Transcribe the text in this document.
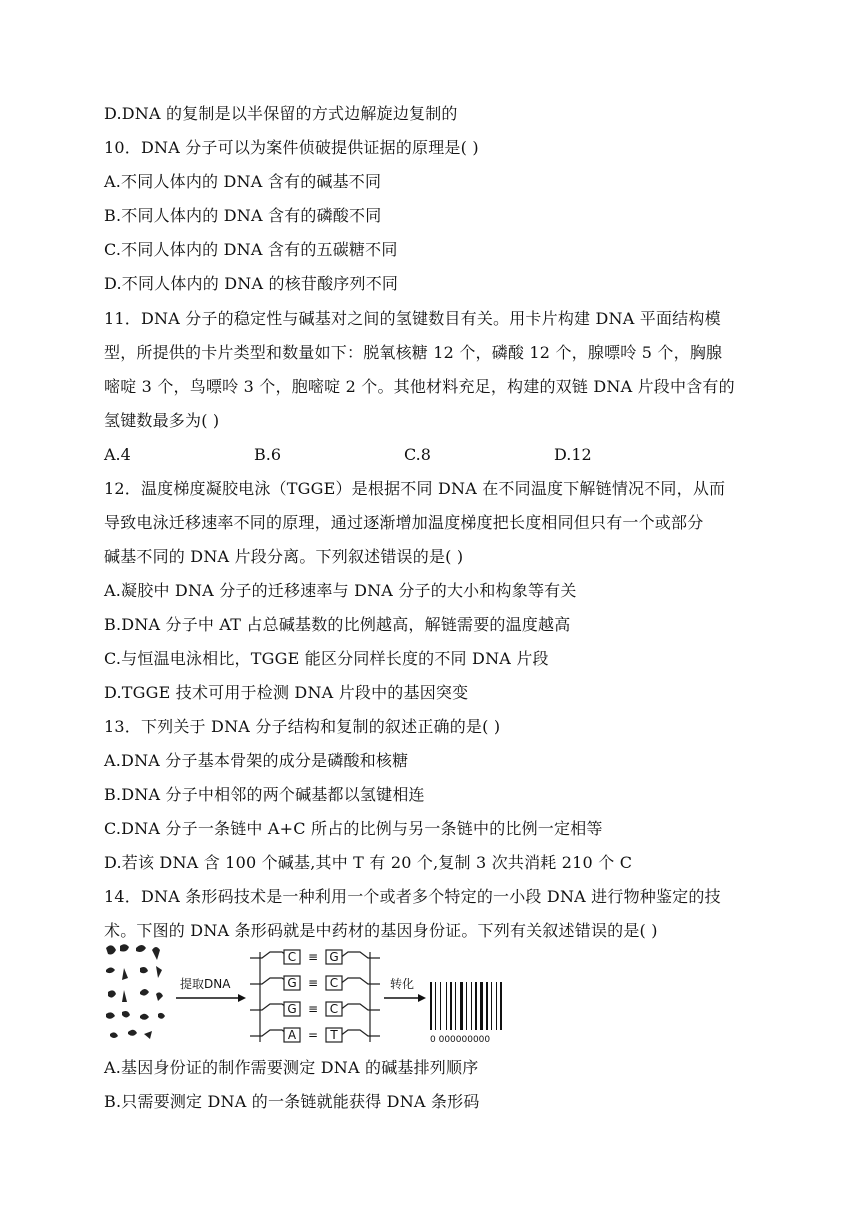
D.DNA 的复制是以半保留的方式边解旋边复制的
10．DNA 分子可以为案件侦破提供证据的原理是( )
A.不同人体内的 DNA 含有的碱基不同
B.不同人体内的 DNA 含有的磷酸不同
C.不同人体内的 DNA 含有的五碳糖不同
D.不同人体内的 DNA 的核苷酸序列不同
11．DNA 分子的稳定性与碱基对之间的氢键数目有关。用卡片构建 DNA 平面结构模
型，所提供的卡片类型和数量如下：脱氧核糖 12 个，磷酸 12 个，腺嘌呤 5 个，胸腺
嘧啶 3 个，鸟嘌呤 3 个，胞嘧啶 2 个。其他材料充足，构建的双链 DNA 片段中含有的
氢键数最多为( )
A.4	B.6	C.8	D.12
12．温度梯度凝胶电泳（TGGE）是根据不同 DNA 在不同温度下解链情况不同，从而
导致电泳迁移速率不同的原理，通过逐渐增加温度梯度把长度相同但只有一个或部分
碱基不同的 DNA 片段分离。下列叙述错误的是( )
A.凝胶中 DNA 分子的迁移速率与 DNA 分子的大小和构象等有关
B.DNA 分子中 AT 占总碱基数的比例越高，解链需要的温度越高
C.与恒温电泳相比，TGGE 能区分同样长度的不同 DNA 片段
D.TGGE 技术可用于检测 DNA 片段中的基因突变
13．下列关于 DNA 分子结构和复制的叙述正确的是( )
A.DNA 分子基本骨架的成分是磷酸和核糖
B.DNA 分子中相邻的两个碱基都以氢键相连
C.DNA 分子一条链中 A+C 所占的比例与另一条链中的比例一定相等
D.若该 DNA 含 100 个碱基,其中 T 有 20 个,复制 3 次共消耗 210 个 C
14．DNA 条形码技术是一种利用一个或者多个特定的一小段 DNA 进行物种鉴定的技
术。下图的 DNA 条形码就是中药材的基因身份证。下列有关叙述错误的是( )
提取DNA
C	G
≡
G	C
≡
G	C
≡
A	T
=
转化
0 000000000
A.基因身份证的制作需要测定 DNA 的碱基排列顺序
B.只需要测定 DNA 的一条链就能获得 DNA 条形码
